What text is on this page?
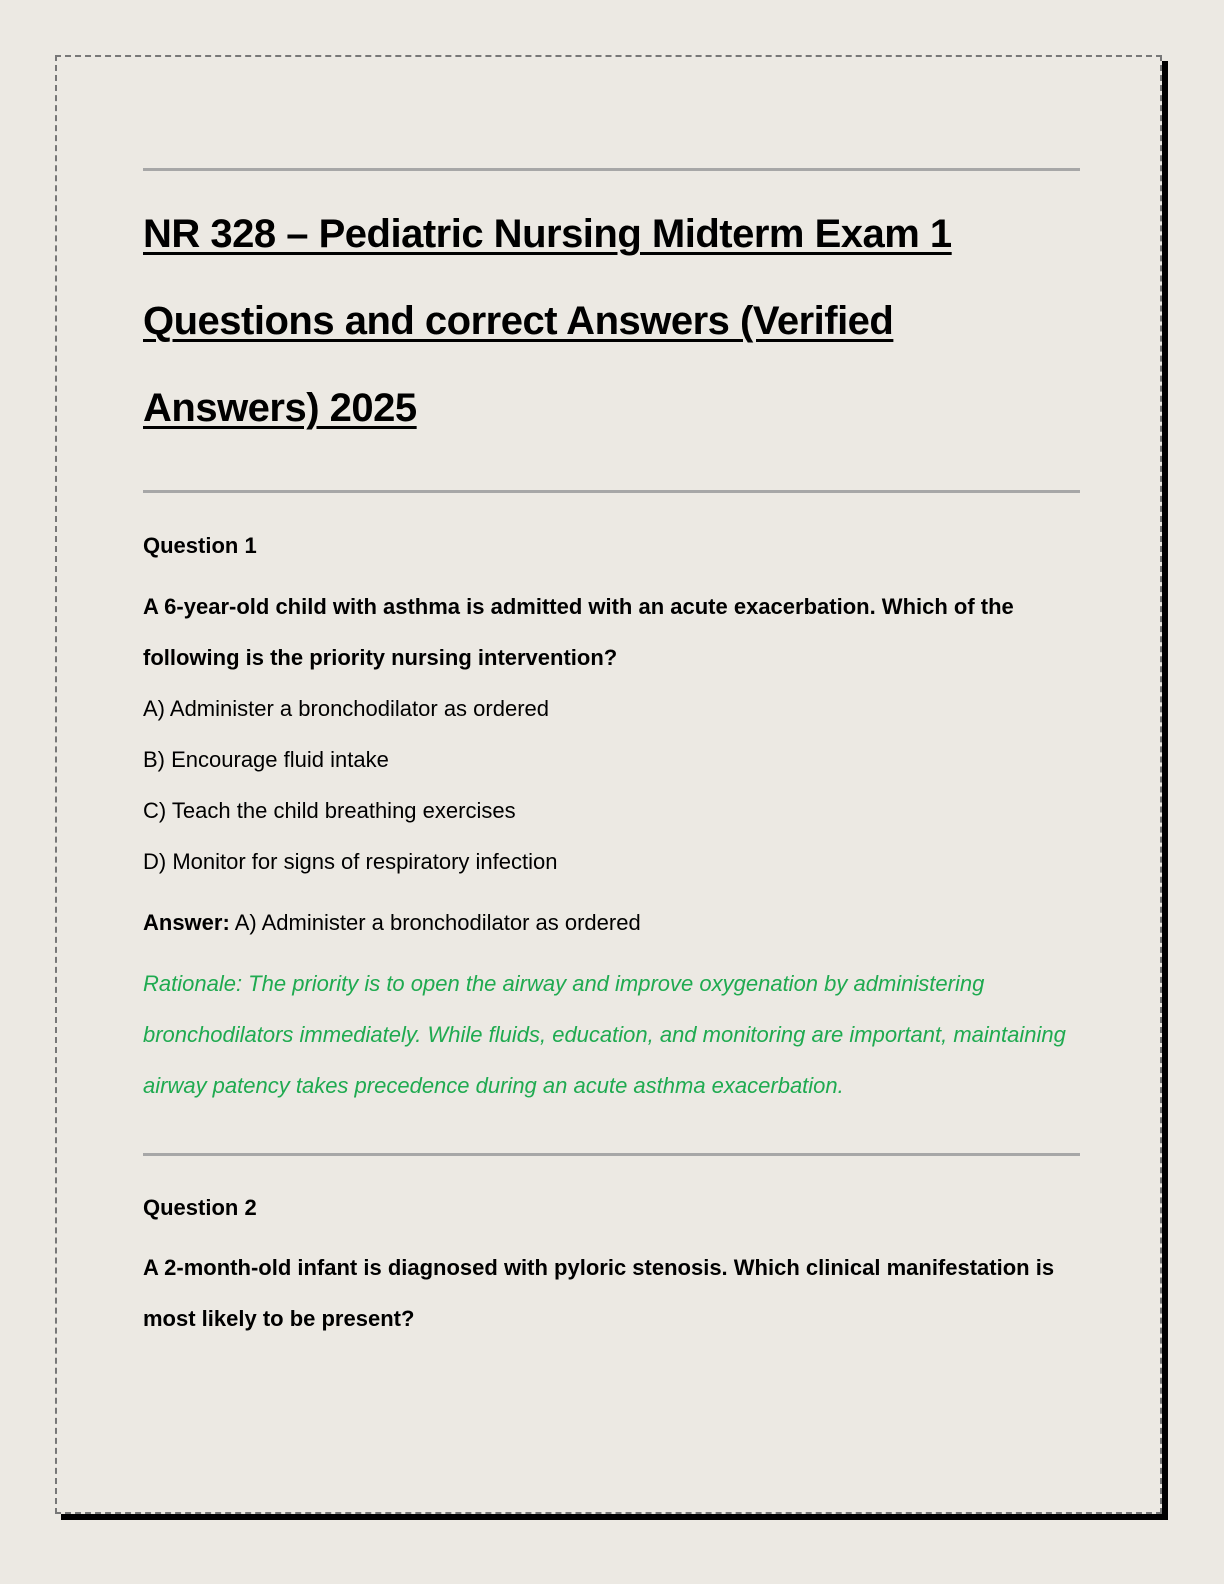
NR 328 – Pediatric Nursing Midterm Exam 1
Questions and correct Answers (Verified
Answers) 2025
Question 1
A 6-year-old child with asthma is admitted with an acute exacerbation. Which of the following is the priority nursing intervention?
A) Administer a bronchodilator as ordered
B) Encourage fluid intake
C) Teach the child breathing exercises
D) Monitor for signs of respiratory infection
Answer: A) Administer a bronchodilator as ordered
Rationale: The priority is to open the airway and improve oxygenation by administering bronchodilators immediately. While fluids, education, and monitoring are important, maintaining airway patency takes precedence during an acute asthma exacerbation.
Question 2
A 2-month-old infant is diagnosed with pyloric stenosis. Which clinical manifestation is most likely to be present?
